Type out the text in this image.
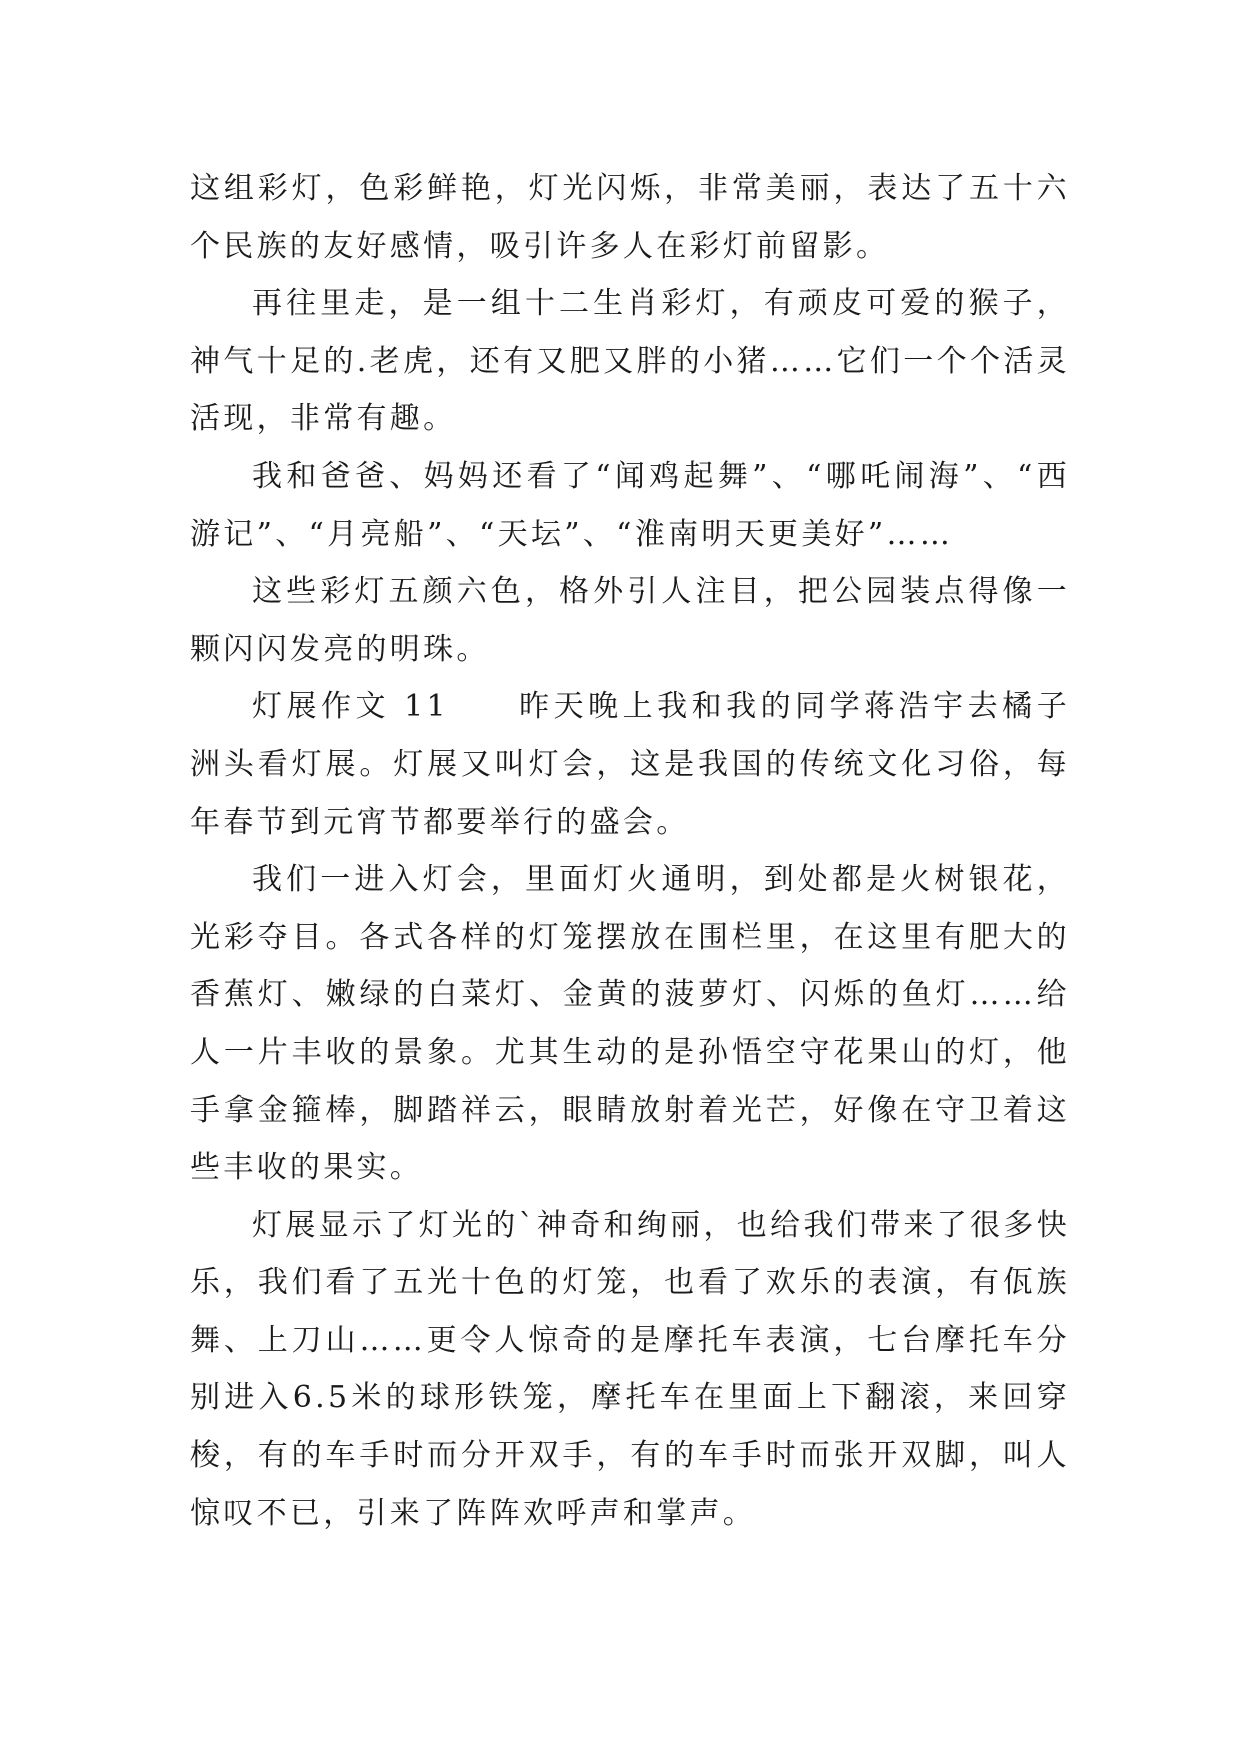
这组彩灯，色彩鲜艳，灯光闪烁，非常美丽，表达了五十六个民族的友好感情，吸引许多人在彩灯前留影。

再往里走，是一组十二生肖彩灯，有顽皮可爱的猴子，神气十足的.老虎，还有又肥又胖的小猪……它们一个个活灵活现，非常有趣。

我和爸爸、妈妈还看了“闻鸡起舞”、“哪吒闹海”、“西游记”、“月亮船”、“天坛”、“淮南明天更美好”……

这些彩灯五颜六色，格外引人注目，把公园装点得像一颗闪闪发亮的明珠。

灯展作文 11　　昨天晚上我和我的同学蒋浩宇去橘子洲头看灯展。灯展又叫灯会，这是我国的传统文化习俗，每年春节到元宵节都要举行的盛会。

我们一进入灯会，里面灯火通明，到处都是火树银花，光彩夺目。各式各样的灯笼摆放在围栏里，在这里有肥大的香蕉灯、嫩绿的白菜灯、金黄的菠萝灯、闪烁的鱼灯……给人一片丰收的景象。尤其生动的是孙悟空守花果山的灯，他手拿金箍棒，脚踏祥云，眼睛放射着光芒，好像在守卫着这些丰收的果实。

灯展显示了灯光的`神奇和绚丽，也给我们带来了很多快乐，我们看了五光十色的灯笼，也看了欢乐的表演，有佤族舞、上刀山……更令人惊奇的是摩托车表演，七台摩托车分别进入6.5米的球形铁笼，摩托车在里面上下翻滚，来回穿梭，有的车手时而分开双手，有的车手时而张开双脚，叫人惊叹不已，引来了阵阵欢呼声和掌声。
